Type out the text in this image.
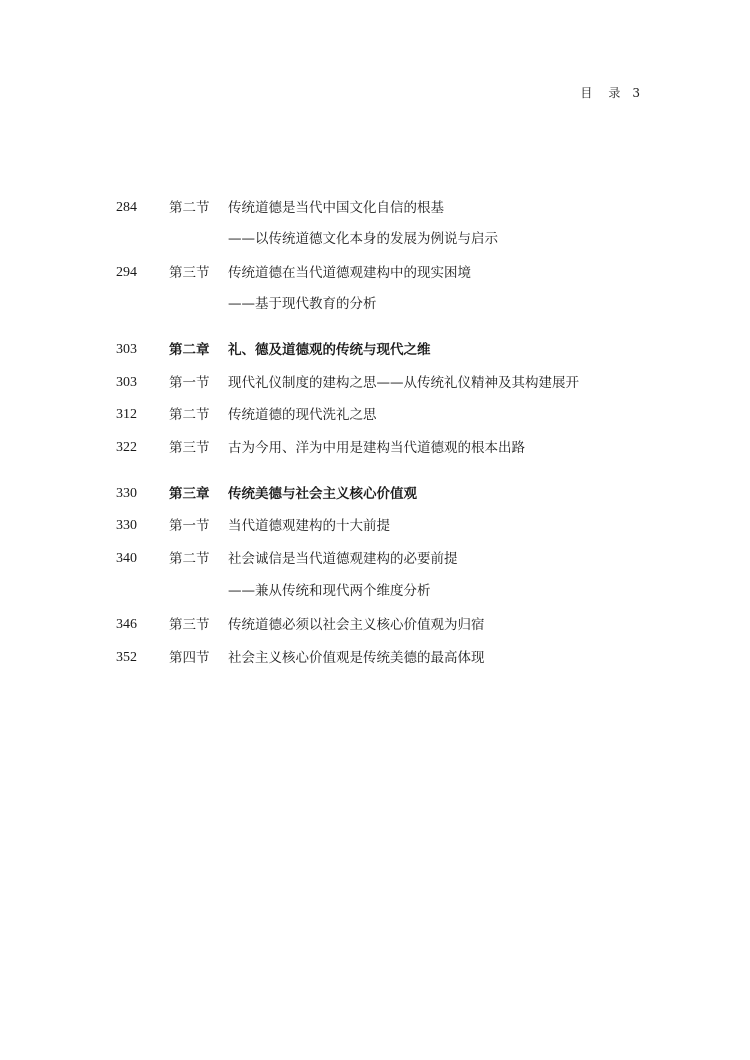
目　录 3
284 第二节 传统道德是当代中国文化自信的根基
——以传统道德文化本身的发展为例说与启示
294 第三节 传统道德在当代道德观建构中的现实困境
——基于现代教育的分析
303 第二章 礼、德及道德观的传统与现代之维
303 第一节 现代礼仪制度的建构之思——从传统礼仪精神及其构建展开
312 第二节 传统道德的现代洗礼之思
322 第三节 古为今用、洋为中用是建构当代道德观的根本出路
330 第三章 传统美德与社会主义核心价值观
330 第一节 当代道德观建构的十大前提
340 第二节 社会诚信是当代道德观建构的必要前提
——兼从传统和现代两个维度分析
346 第三节 传统道德必须以社会主义核心价值观为归宿
352 第四节 社会主义核心价值观是传统美德的最高体现
